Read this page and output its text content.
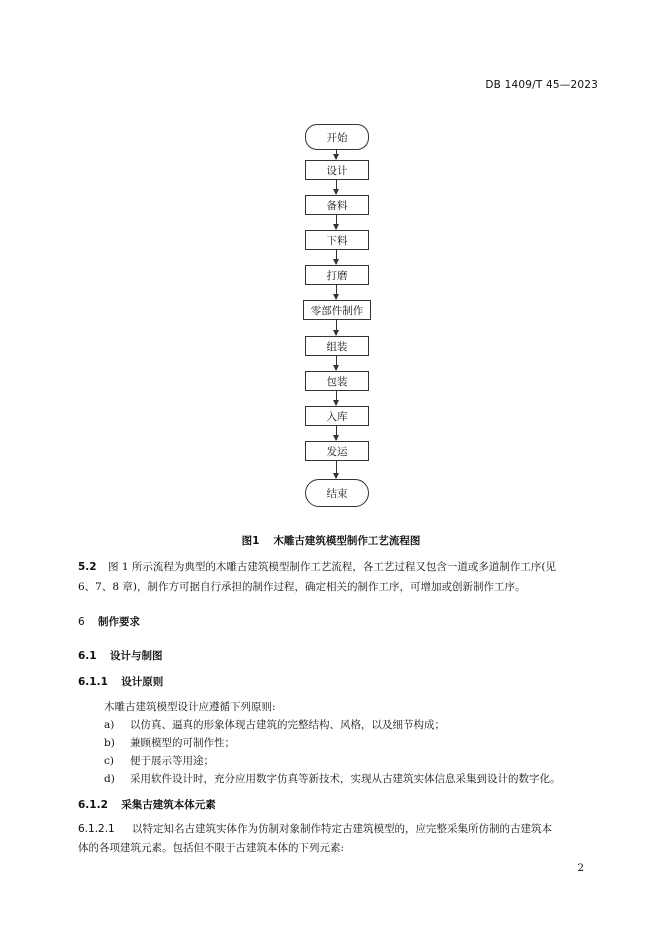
DB 1409/T 45—2023
开始
设计
备料
下料
打磨
零部件制作
组装
包装
入库
发运
结束
图1 木雕古建筑模型制作工艺流程图
5.2 图 1 所示流程为典型的木雕古建筑模型制作工艺流程，各工艺过程又包含一道或多道制作工序(见
6、7、8 章)，制作方可据自行承担的制作过程，确定相关的制作工序，可增加或创新制作工序。
6 制作要求
6.1 设计与制图
6.1.1 设计原则
木雕古建筑模型设计应遵循下列原则:
a) 以仿真、逼真的形象体现古建筑的完整结构、风格，以及细节构成；
b) 兼顾模型的可制作性；
c) 便于展示等用途；
d) 采用软件设计时，充分应用数字仿真等新技术，实现从古建筑实体信息采集到设计的数字化。
6.1.2 采集古建筑本体元素
6.1.2.1 以特定知名古建筑实体作为仿制对象制作特定古建筑模型的，应完整采集所仿制的古建筑本
体的各项建筑元素。包括但不限于古建筑本体的下列元素:
2
